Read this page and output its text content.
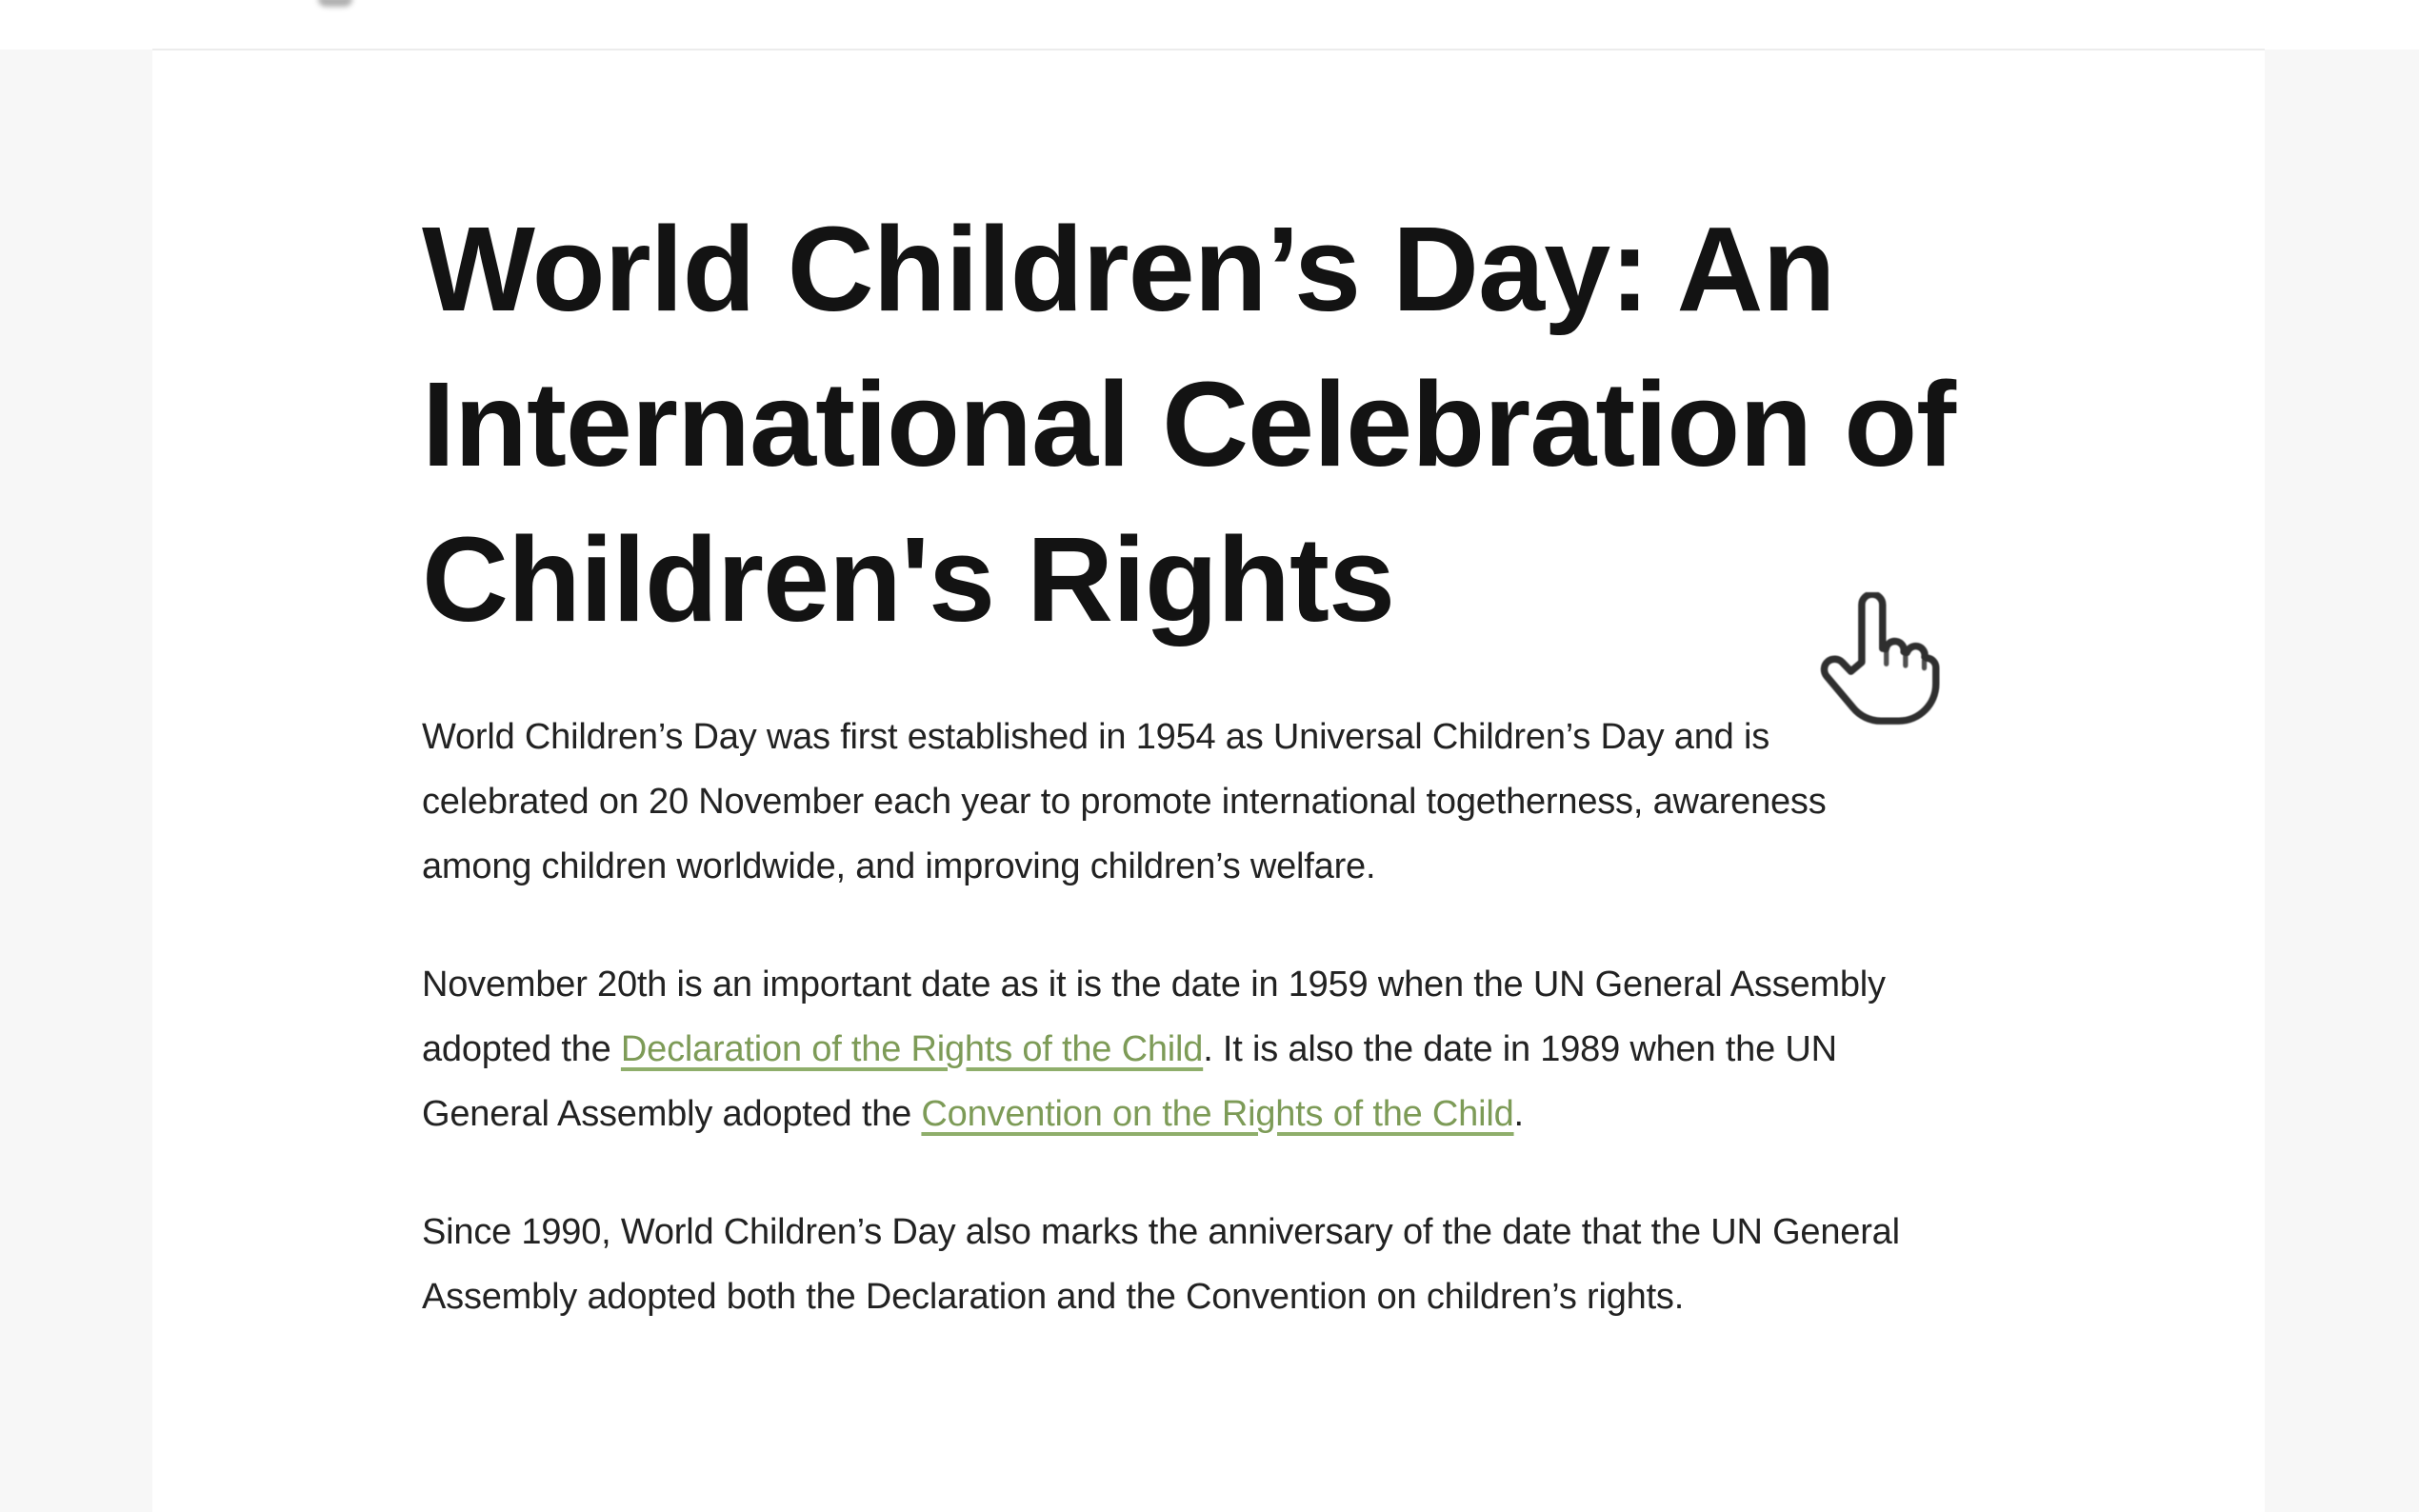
World Children’s Day: An
International Celebration of
Children's Rights

World Children’s Day was first established in 1954 as Universal Children’s Day and is celebrated on 20 November each year to promote international togetherness, awareness among children worldwide, and improving children’s welfare.

November 20th is an important date as it is the date in 1959 when the UN General Assembly adopted the Declaration of the Rights of the Child. It is also the date in 1989 when the UN General Assembly adopted the Convention on the Rights of the Child.

Since 1990, World Children’s Day also marks the anniversary of the date that the UN General Assembly adopted both the Declaration and the Convention on children’s rights.
